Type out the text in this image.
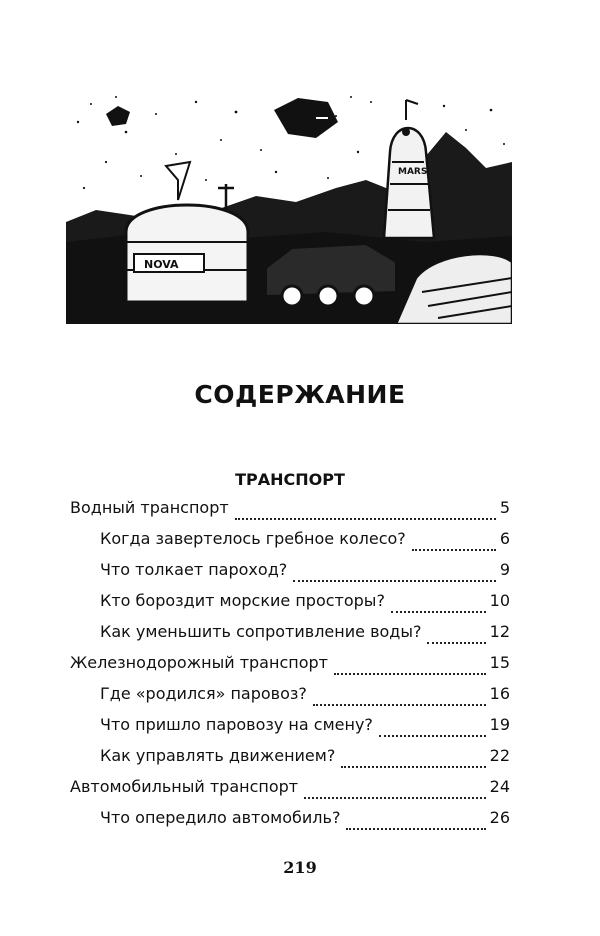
MARS
NOVA
СОДЕРЖАНИЕ
ТРАНСПОРТ
Водный транспорт	5
Когда завертелось гребное колесо?	6
Что толкает пароход?	9
Кто бороздит морские просторы?	10
Как уменьшить сопротивление воды?	12
Железнодорожный транспорт	15
Где «родился» паровоз?	16
Что пришло паровозу на смену?	19
Как управлять движением?	22
Автомобильный транспорт	24
Что опередило автомобиль?	26
219
